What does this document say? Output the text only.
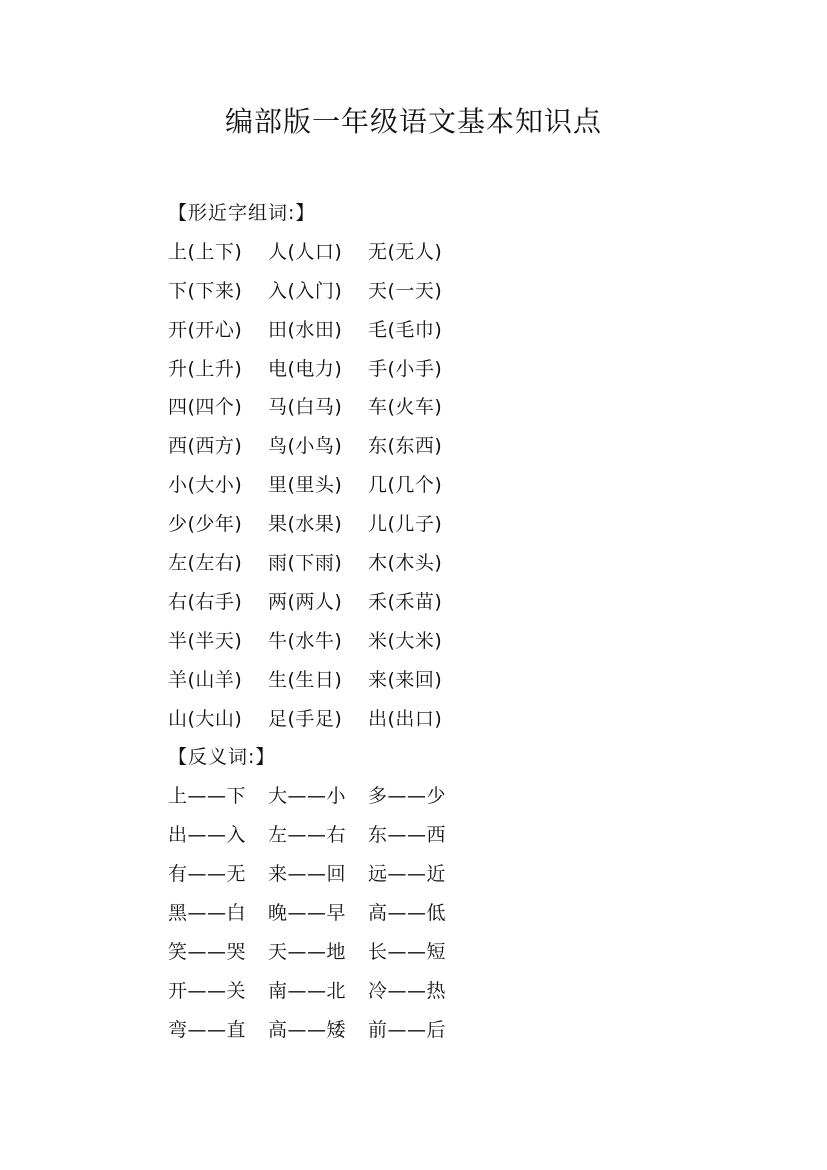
编部版一年级语文基本知识点
【形近字组词:】
上(上下)	人(人口)	无(无人)
下(下来)	入(入门)	天(一天)
开(开心)	田(水田)	毛(毛巾)
升(上升)	电(电力)	手(小手)
四(四个)	马(白马)	车(火车)
西(西方)	鸟(小鸟)	东(东西)
小(大小)	里(里头)	几(几个)
少(少年)	果(水果)	儿(儿子)
左(左右)	雨(下雨)	木(木头)
右(右手)	两(两人)	禾(禾苗)
半(半天)	牛(水牛)	米(大米)
羊(山羊)	生(生日)	来(来回)
山(大山)	足(手足)	出(出口)
【反义词:】
上——下	大——小	多——少
出——入	左——右	东——西
有——无	来——回	远——近
黑——白	晚——早	高——低
笑——哭	天——地	长——短
开——关	南——北	冷——热
弯——直	高——矮	前——后
